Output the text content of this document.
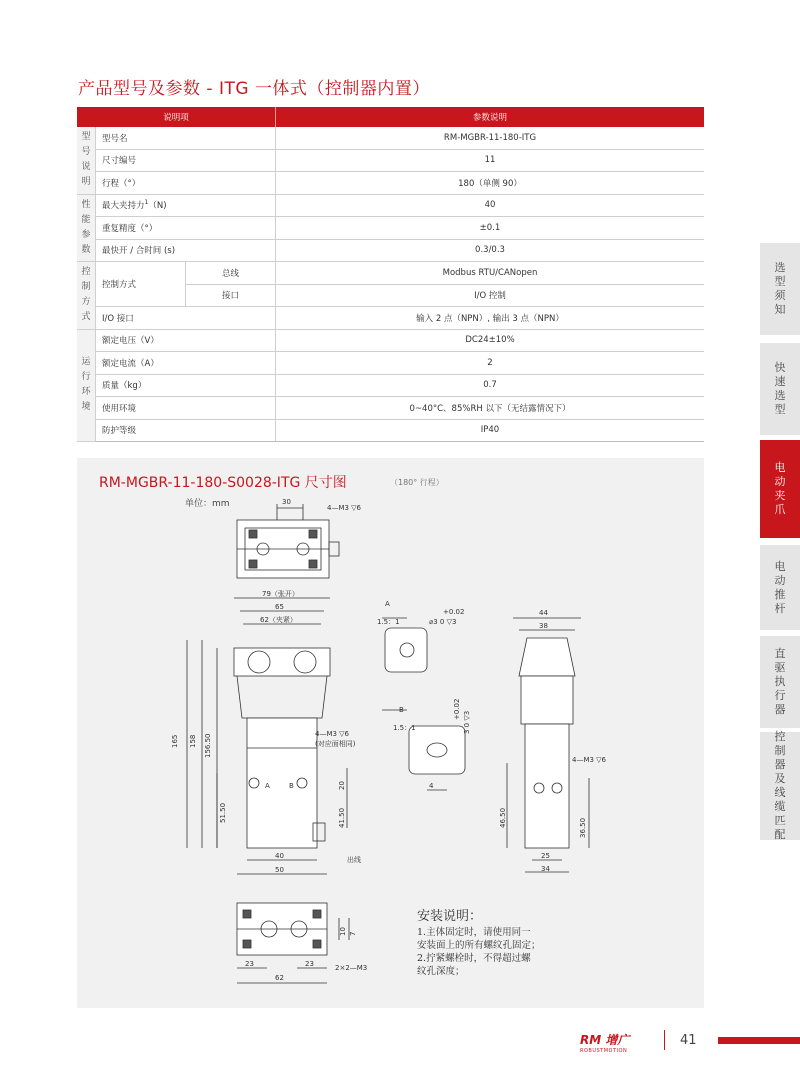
产品型号及参数 - ITG 一体式（控制器内置）
说明项			参数说明
型号说明	型号名		RM-MGBR-11-180-ITG
	尺寸编号		11
	行程（°）		180（单侧 90）
性能参数	最大夹持力$^1$（N)		40
	重复精度（°）		±0.1
	最快开 / 合时间 (s)		0.3/0.3
控制方式	控制方式	总线	Modbus RTU/CANopen
		接口	I/O 控制
	I/O 接口		输入 2 点（NPN）, 输出 3 点（NPN）
运行环境	额定电压（V）		DC24±10%
	额定电流（A）		2
	质量（kg）		0.7
	使用环境		0~40°C、85%RH 以下（无结露情况下）
	防护等级		IP40
RM-MGBR-11-180-S0028-ITG 尺寸图	（180° 行程）
单位：mm	30
4—M3 ▽6
79（张开）
65
62（夹紧）
165 158 156.50
51.50
4—M3 ▽6
(对应面相同)
20
41.50
40
50
出线
A	B
A
1.5：1	⌀3 0 ▽3
+0.02
B
1.5：1	3 0 ▽3
+0.02
4
44
38
4—M3 ▽6
46.50	36.50
25
34
10 7
23	23	2×2—M3
62
安装说明：
1.主体固定时，请使用同一
安装面上的所有螺纹孔固定；
2.拧紧螺栓时，不得超过螺
纹孔深度；
选型须知
快速选型
电动夹爪
电动推杆
直驱执行器
控制器及线缆匹配
RM 增广
ROBUSTMOTION
41
